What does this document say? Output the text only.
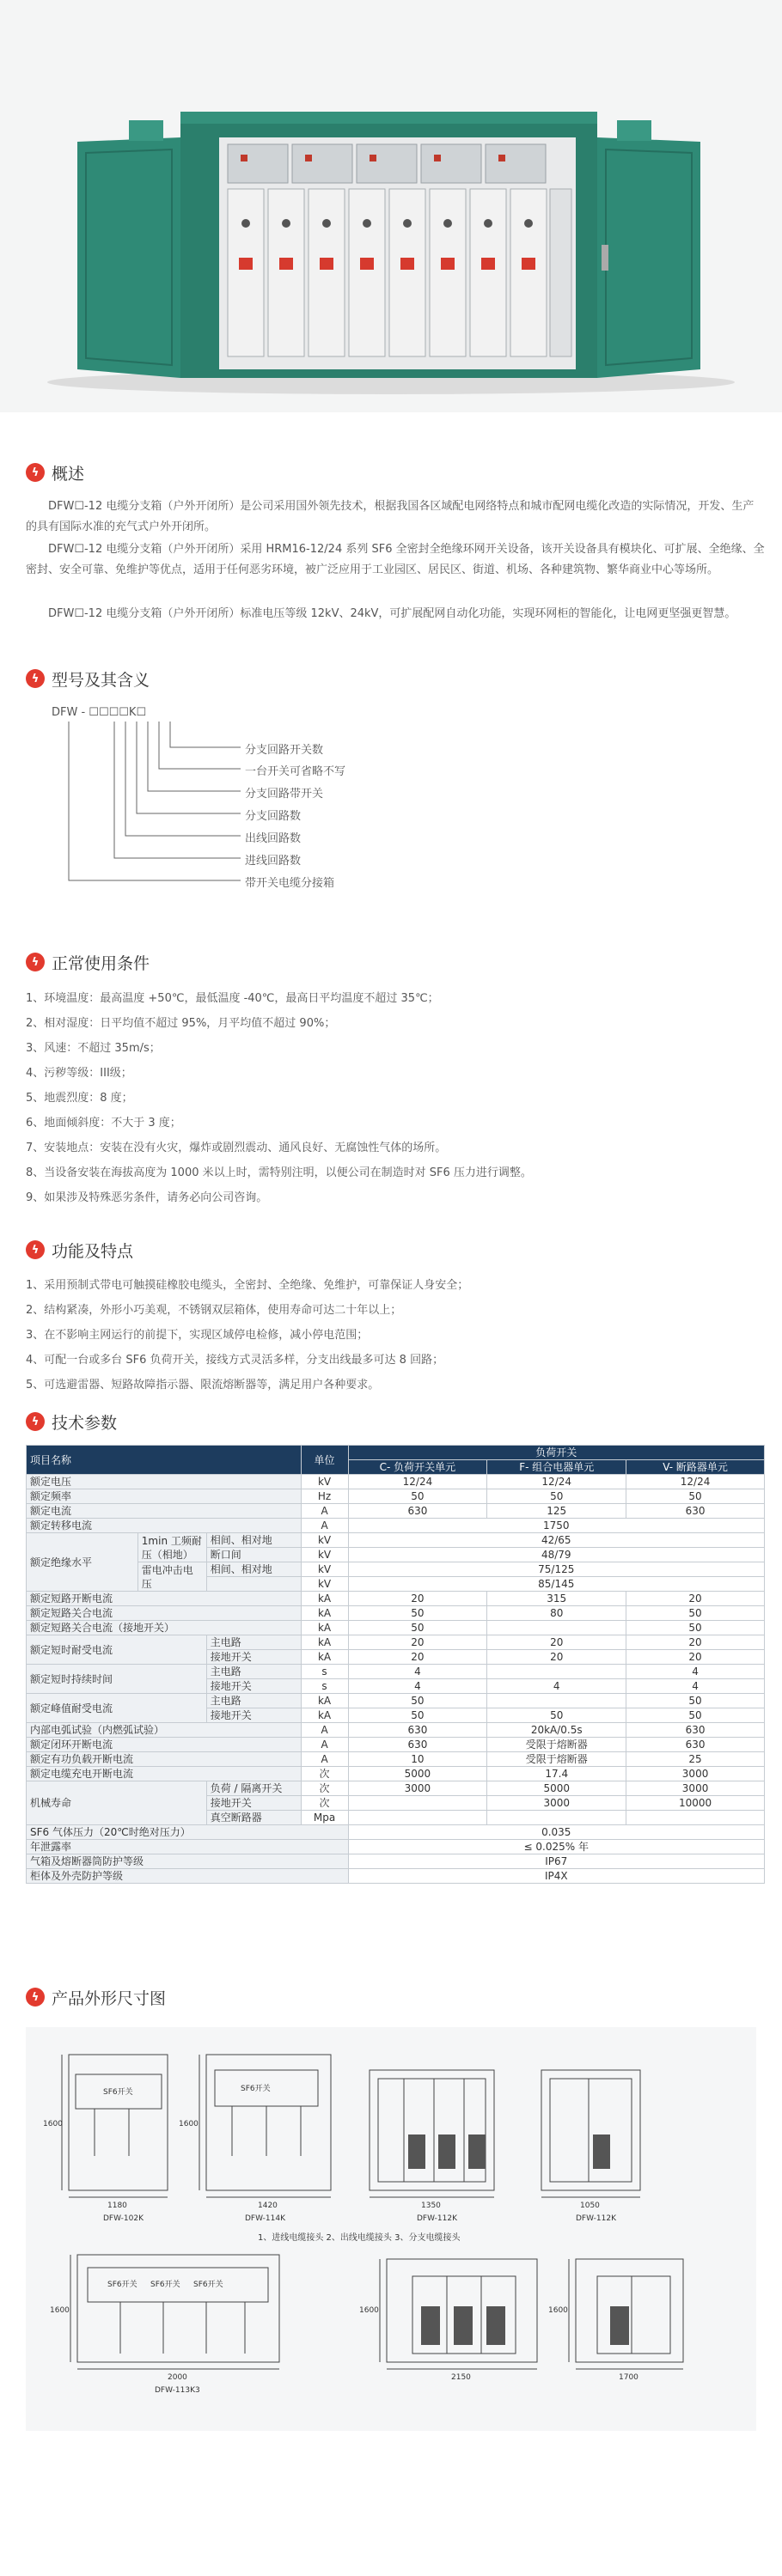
ϟ 概述
DFW☐-12 电缆分支箱（户外开闭所）是公司采用国外领先技术，根据我国各区域配电网络特点和城市配网电缆化改造的实际情况，开发、生产的具有国际水准的充气式户外开闭所。
DFW☐-12 电缆分支箱（户外开闭所）采用 HRM16-12/24 系列 SF6 全密封全绝缘环网开关设备，该开关设备具有模块化、可扩展、全绝缘、全密封、安全可靠、免维护等优点，适用于任何恶劣环境，被广泛应用于工业园区、居民区、街道、机场、各种建筑物、繁华商业中心等场所。
DFW☐-12 电缆分支箱（户外开闭所）标准电压等级 12kV、24kV，可扩展配网自动化功能，实现环网柜的智能化，让电网更坚强更智慧。
ϟ 型号及其含义
DFW - ☐☐☐☐K☐
分支回路开关数
一台开关可省略不写
分支回路带开关
分支回路数
出线回路数
进线回路数
带开关电缆分接箱
ϟ 正常使用条件
1、环境温度：最高温度 +50℃，最低温度 -40℃，最高日平均温度不超过 35℃；
2、相对湿度：日平均值不超过 95%，月平均值不超过 90%；
3、风速：不超过 35m/s；
4、污秽等级：III级；
5、地震烈度：8 度；
6、地面倾斜度：不大于 3 度；
7、安装地点：安装在没有火灾，爆炸或剧烈震动、通风良好、无腐蚀性气体的场所。
8、当设备安装在海拔高度为 1000 米以上时，需特别注明，以便公司在制造时对 SF6 压力进行调整。
9、如果涉及特殊恶劣条件，请务必向公司咨询。
ϟ 功能及特点
1、采用预制式带电可触摸硅橡胶电缆头，全密封、全绝缘、免维护，可靠保证人身安全；
2、结构紧凑，外形小巧美观，不锈钢双层箱体，使用寿命可达二十年以上；
3、在不影响主网运行的前提下，实现区域停电检修，减小停电范围；
4、可配一台或多台 SF6 负荷开关，接线方式灵活多样，分支出线最多可达 8 回路；
5、可选避雷器、短路故障指示器、限流熔断器等，满足用户各种要求。
ϟ 技术参数
项目名称			单位	负荷开关		
				C- 负荷开关单元	F- 组合电器单元	V- 断路器单元
额定电压			kV	12/24	12/24	12/24
额定频率			Hz	50	50	50
额定电流			A	630	125	630
额定转移电流			A	1750		
额定绝缘水平	1min 工频耐压（相地）	相间、相对地	kV	42/65		
		断口间	kV	48/79		
	雷电冲击电压	相间、相对地	kV	75/125		
			kV	85/145		
额定短路开断电流			kA	20	315	20
额定短路关合电流			kA	50	80	50
额定短路关合电流（接地开关）			kA	50		50
额定短时耐受电流		主电路	kA	20	20	20
		接地开关	kA	20	20	20
额定短时持续时间		主电路	s	4		4
		接地开关	s	4	4	4
额定峰值耐受电流		主电路	kA	50		50
		接地开关	kA	50	50	50
内部电弧试验（内燃弧试验）			A	630	20kA/0.5s	630
额定闭环开断电流			A	630	受限于熔断器	630
额定有功负载开断电流			A	10	受限于熔断器	25
额定电缆充电开断电流			次	5000	17.4	3000
机械寿命		负荷 / 隔离开关	次	3000	5000	3000
		接地开关	次		3000	10000
		真空断路器	Mpa			
SF6 气体压力（20℃时绝对压力）				0.035		
年泄露率				≤ 0.025% 年		
气箱及熔断器筒防护等级				IP67		
柜体及外壳防护等级				IP4X		
ϟ 产品外形尺寸图
SF6开关	SF6开关
SF6开关 SF6开关 SF6开关
1180	1420	1350	1050
2000	2150	1700
1600	1600
1600	1600	1600
DFW-102K	DFW-114K	DFW-112K	DFW-112K
DFW-113K3
1、进线电缆接头 2、出线电缆接头 3、分支电缆接头
